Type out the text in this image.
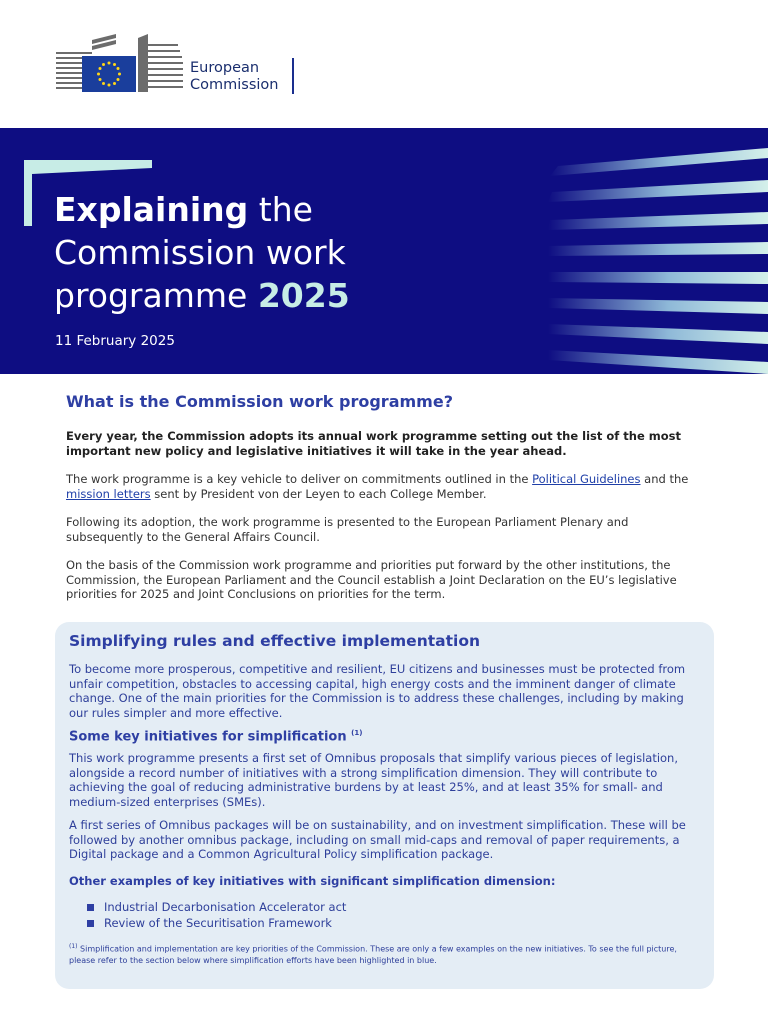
European
Commission
Explaining the
Commission work
programme 2025
11 February 2025
What is the Commission work programme?

Every year, the Commission adopts its annual work programme setting out the list of the most important new policy and legislative initiatives it will take in the year ahead.

The work programme is a key vehicle to deliver on commitments outlined in the Political Guidelines and the mission letters sent by President von der Leyen to each College Member.

Following its adoption, the work programme is presented to the European Parliament Plenary and subsequently to the General Affairs Council.

On the basis of the Commission work programme and priorities put forward by the other institutions, the Commission, the European Parliament and the Council establish a Joint Declaration on the EU’s legislative priorities for 2025 and Joint Conclusions on priorities for the term.

Simplifying rules and effective implementation

To become more prosperous, competitive and resilient, EU citizens and businesses must be protected from unfair competition, obstacles to accessing capital, high energy costs and the imminent danger of climate change. One of the main priorities for the Commission is to address these challenges, including by making our rules simpler and more effective.

Some key initiatives for simplification $^{(1)}$

This work programme presents a first set of Omnibus proposals that simplify various pieces of legislation, alongside a record number of initiatives with a strong simplification dimension. They will contribute to achieving the goal of reducing administrative burdens by at least 25%, and at least 35% for small- and medium-sized enterprises (SMEs).

A first series of Omnibus packages will be on sustainability, and on investment simplification. These will be followed by another omnibus package, including on small mid-caps and removal of paper requirements, a Digital package and a Common Agricultural Policy simplification package.

Other examples of key initiatives with significant simplification dimension:
Industrial Decarbonisation Accelerator act
Review of the Securitisation Framework
$^{(1)}$ Simplification and implementation are key priorities of the Commission. These are only a few examples on the new initiatives. To see the full picture, please refer to the section below where simplification efforts have been highlighted in blue.
